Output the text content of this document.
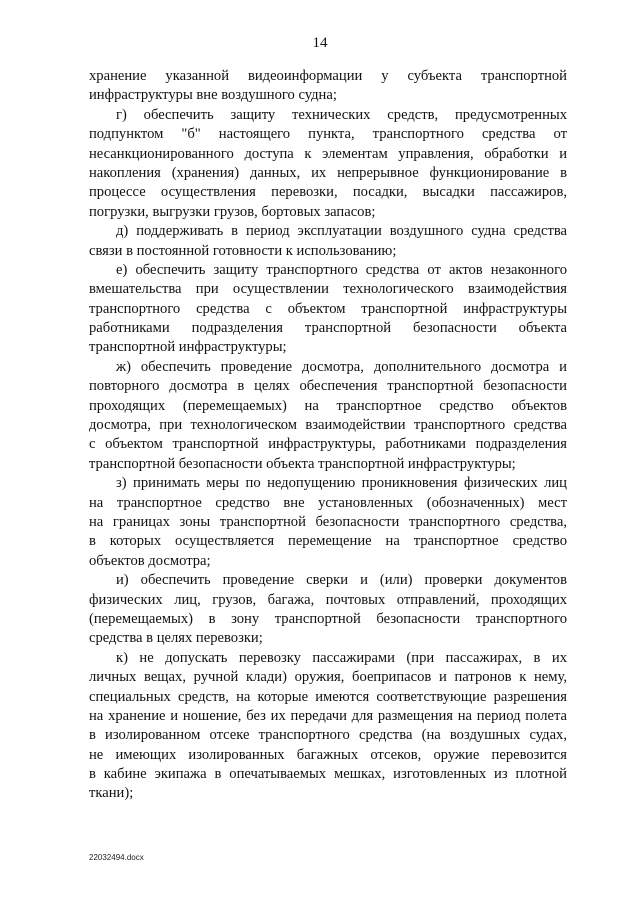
14
хранение указанной видеоинформации у субъекта транспортной
инфраструктуры вне воздушного судна;
г) обеспечить защиту технических средств, предусмотренных
подпунктом "б" настоящего пункта, транспортного средства от
несанкционированного доступа к элементам управления, обработки и
накопления (хранения) данных, их непрерывное функционирование в
процессе осуществления перевозки, посадки, высадки пассажиров,
погрузки, выгрузки грузов, бортовых запасов;
д) поддерживать в период эксплуатации воздушного судна средства
связи в постоянной готовности к использованию;
е) обеспечить защиту транспортного средства от актов незаконного
вмешательства при осуществлении технологического взаимодействия
транспортного средства с объектом транспортной инфраструктуры
работниками подразделения транспортной безопасности объекта
транспортной инфраструктуры;
ж) обеспечить проведение досмотра, дополнительного досмотра и
повторного досмотра в целях обеспечения транспортной безопасности
проходящих (перемещаемых) на транспортное средство объектов
досмотра, при технологическом взаимодействии транспортного средства
с объектом транспортной инфраструктуры, работниками подразделения
транспортной безопасности объекта транспортной инфраструктуры;
з) принимать меры по недопущению проникновения физических лиц
на транспортное средство вне установленных (обозначенных) мест
на границах зоны транспортной безопасности транспортного средства,
в которых осуществляется перемещение на транспортное средство
объектов досмотра;
и) обеспечить проведение сверки и (или) проверки документов
физических лиц, грузов, багажа, почтовых отправлений, проходящих
(перемещаемых) в зону транспортной безопасности транспортного
средства в целях перевозки;
к) не допускать перевозку пассажирами (при пассажирах, в их
личных вещах, ручной клади) оружия, боеприпасов и патронов к нему,
специальных средств, на которые имеются соответствующие разрешения
на хранение и ношение, без их передачи для размещения на период полета
в изолированном отсеке транспортного средства (на воздушных судах,
не имеющих изолированных багажных отсеков, оружие перевозится
в кабине экипажа в опечатываемых мешках, изготовленных из плотной
ткани);
22032494.docx
